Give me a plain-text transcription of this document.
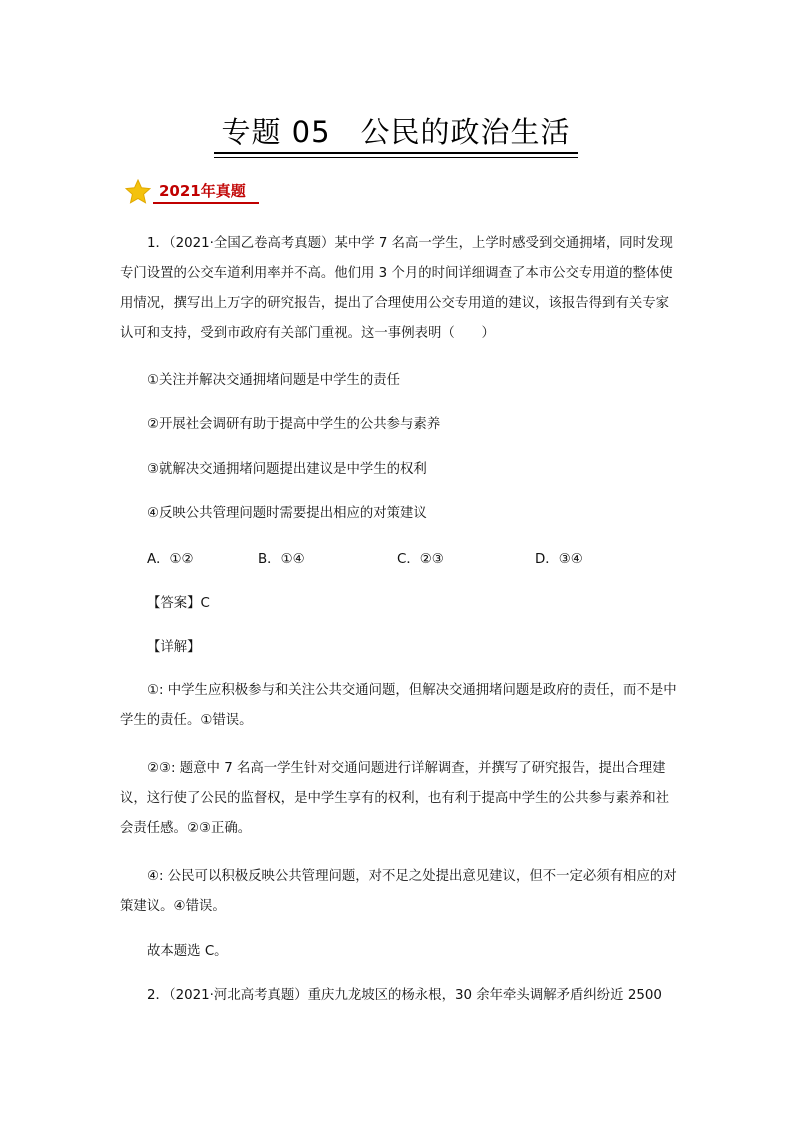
专题 05　公民的政治生活
2021年真题

1．（2021·全国乙卷高考真题）某中学 7 名高一学生，上学时感受到交通拥堵，同时发现专门设置的公交车道利用率并不高。他们用 3 个月的时间详细调查了本市公交专用道的整体使用情况，撰写出上万字的研究报告，提出了合理使用公交专用道的建议，该报告得到有关专家认可和支持，受到市政府有关部门重视。这一事例表明（　　）

①关注并解决交通拥堵问题是中学生的责任
②开展社会调研有助于提高中学生的公共参与素养
③就解决交通拥堵问题提出建议是中学生的权利
④反映公共管理问题时需要提出相应的对策建议
A．①②	B．①④	C．②③	D．③④
【答案】C
【详解】

①: 中学生应积极参与和关注公共交通问题，但解决交通拥堵问题是政府的责任，而不是中学生的责任。①错误。

②③: 题意中 7 名高一学生针对交通问题进行详解调查，并撰写了研究报告，提出合理建议，这行使了公民的监督权，是中学生享有的权利，也有利于提高中学生的公共参与素养和社会责任感。②③正确。

④: 公民可以积极反映公共管理问题，对不足之处提出意见建议，但不一定必须有相应的对策建议。④错误。

故本题选 C。
2．（2021·河北高考真题）重庆九龙坡区的杨永根，30 余年牵头调解矛盾纠纷近 2500
